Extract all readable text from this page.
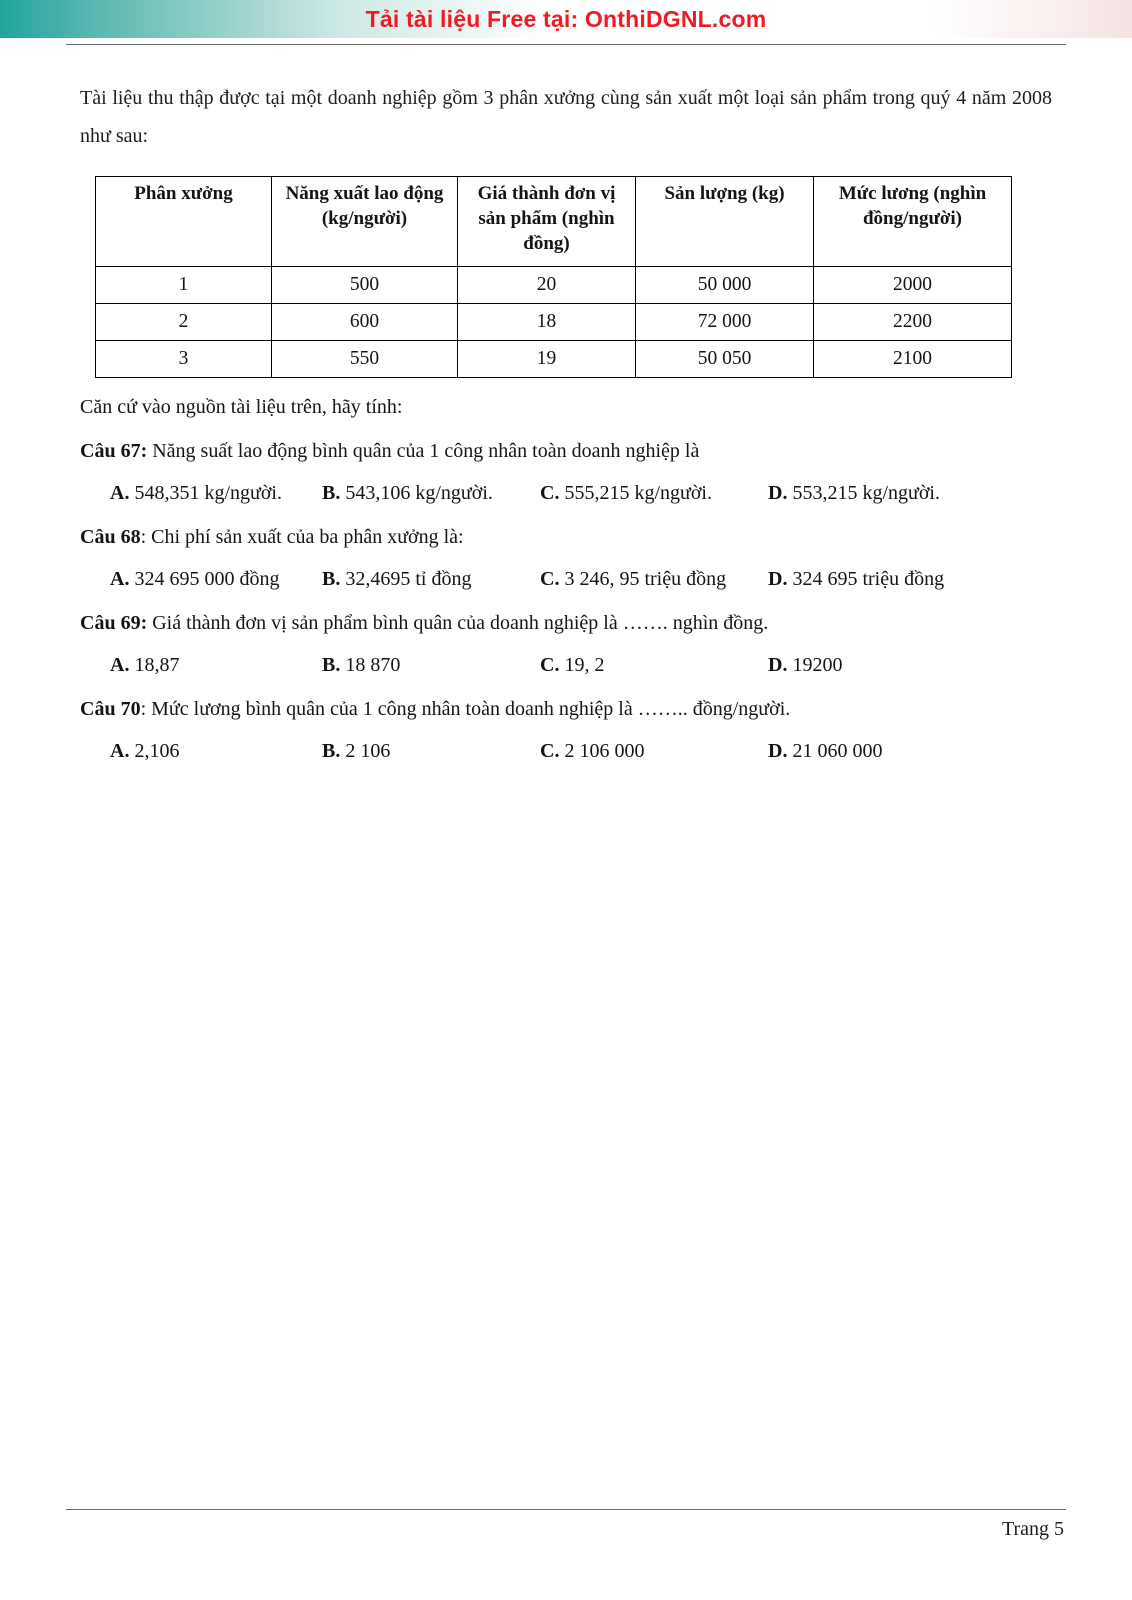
Tải tài liệu Free tại: OnthiDGNL.com

Tài liệu thu thập được tại một doanh nghiệp gồm 3 phân xưởng cùng sản xuất một loại sản phẩm trong quý 4 năm 2008 như sau:

Phân xưởng	Năng xuất lao động (kg/người)	Giá thành đơn vị sản phẩm (nghìn đồng)	Sản lượng (kg)	Mức lương (nghìn đồng/người)
1	500	20	50 000	2000
2	600	18	72 000	2200
3	550	19	50 050	2100

Căn cứ vào nguồn tài liệu trên, hãy tính:

Câu 67: Năng suất lao động bình quân của 1 công nhân toàn doanh nghiệp là

A. 548,351 kg/người.	B. 543,106 kg/người.	C. 555,215 kg/người.	D. 553,215 kg/người.

Câu 68: Chi phí sản xuất của ba phân xưởng là:

A. 324 695 000 đồng	B. 32,4695 tỉ đồng	C. 3 246, 95 triệu đồng	D. 324 695 triệu đồng

Câu 69: Giá thành đơn vị sản phẩm bình quân của doanh nghiệp là ……. nghìn đồng.

A. 18,87	B. 18 870	C. 19, 2	D. 19200

Câu 70: Mức lương bình quân của 1 công nhân toàn doanh nghiệp là …….. đồng/người.

A. 2,106	B. 2 106	C. 2 106 000	D. 21 060 000
Trang 5
